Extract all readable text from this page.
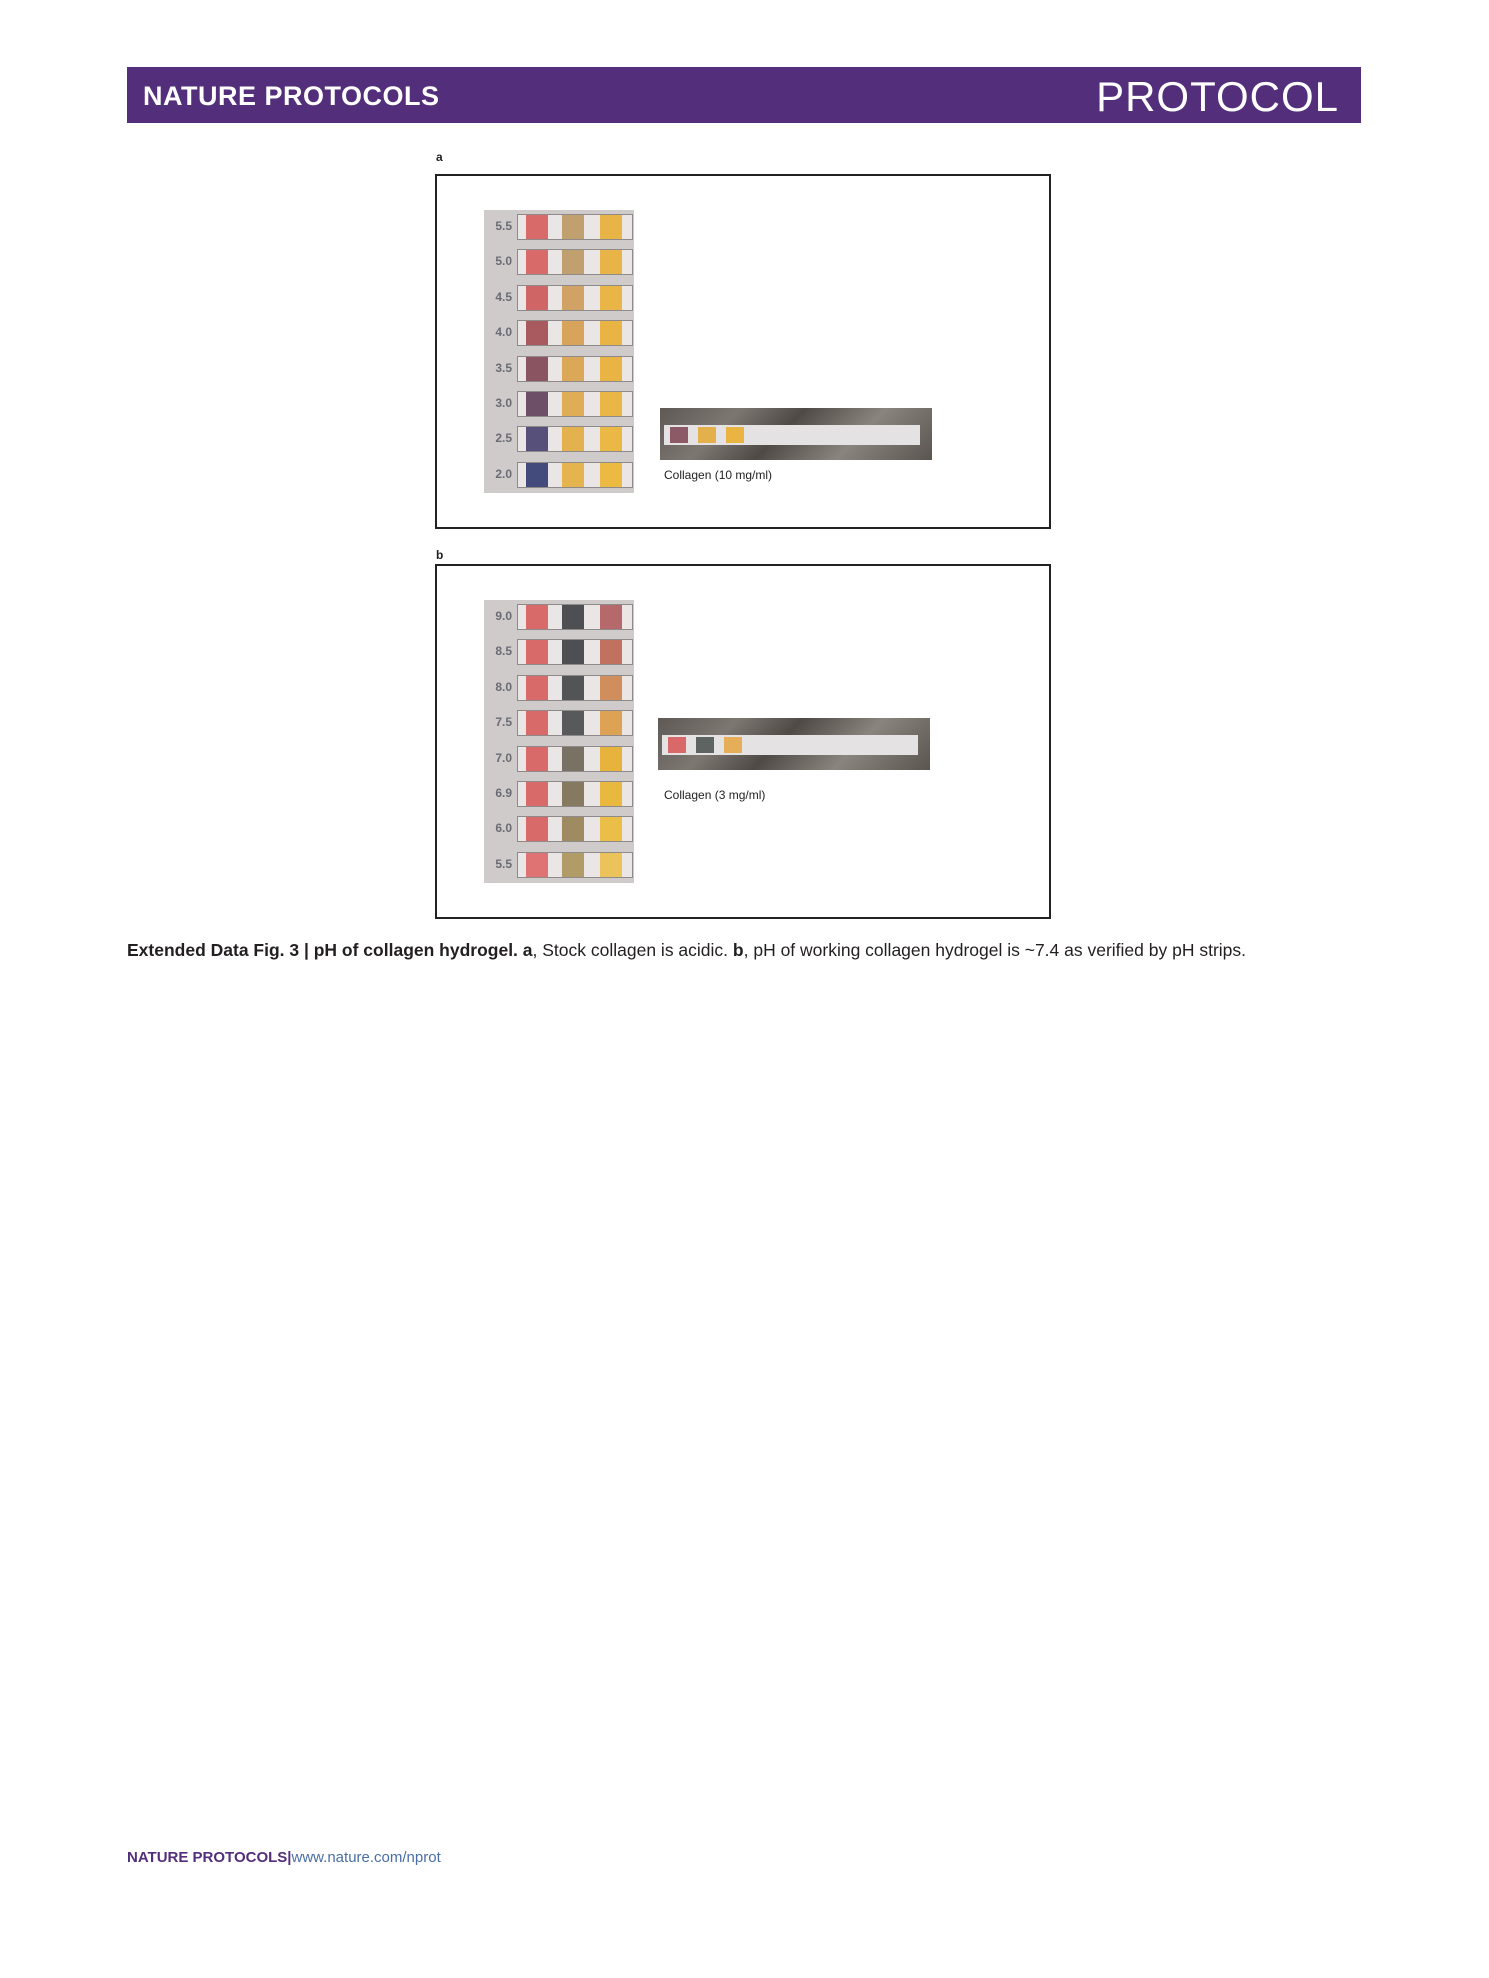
NATURE PROTOCOLS	PROTOCOL
a
5.5
5.0
4.5
4.0
3.5
3.0
2.5
2.0	Collagen (10 mg/ml)
b
9.0
8.5
8.0
7.5
7.0
6.9
6.0
5.5
Collagen (3 mg/ml)
Extended Data Fig. 3 | pH of collagen hydrogel. a, Stock collagen is acidic. b, pH of working collagen hydrogel is ~7.4 as verified by pH strips.
NATURE PROTOCOLS|www.nature.com/nprot
